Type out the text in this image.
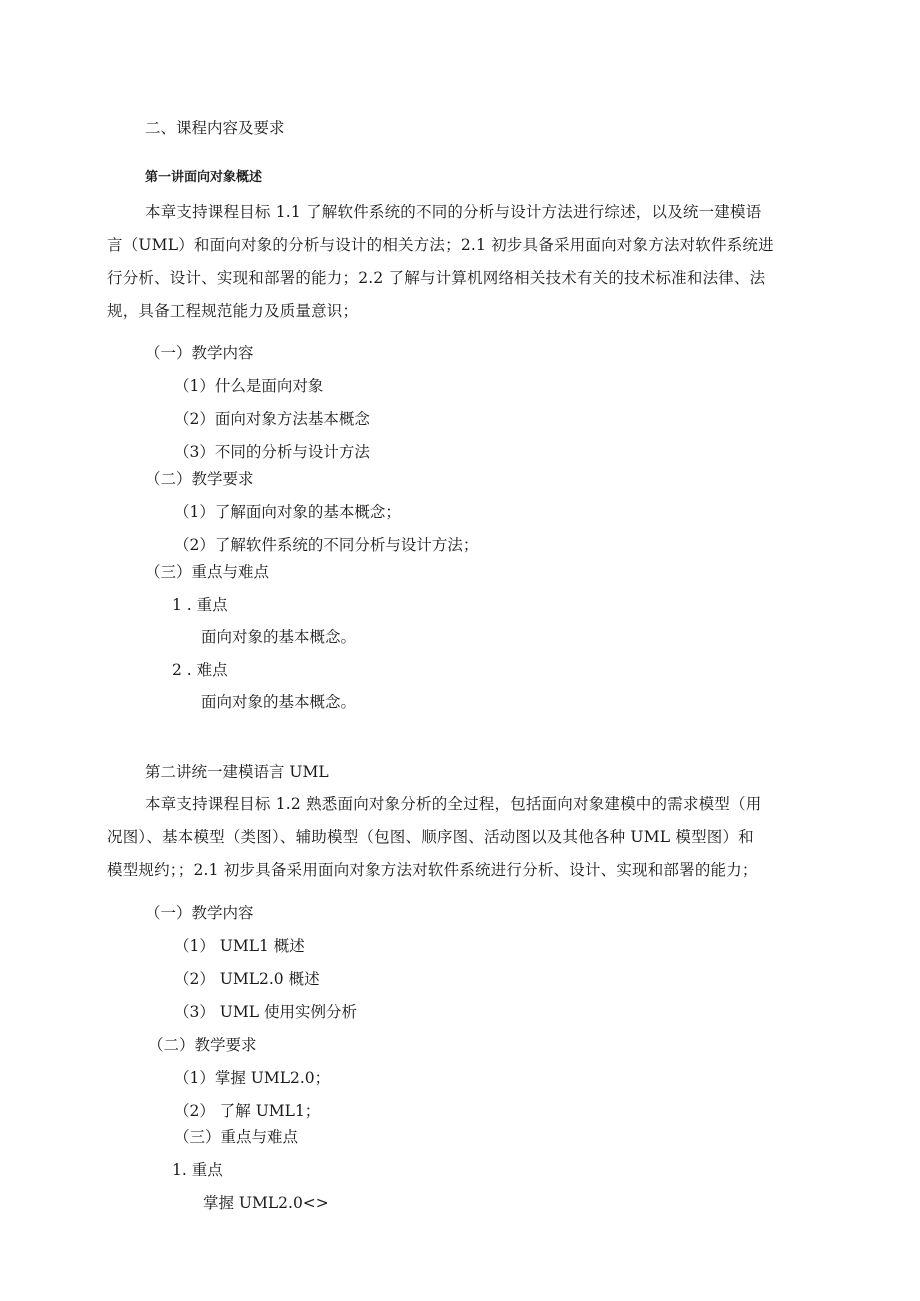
二、课程内容及要求
第一讲面向对象概述
本章支持课程目标 1.1 了解软件系统的不同的分析与设计方法进行综述，以及统一建模语
言（UML）和面向对象的分析与设计的相关方法；2.1 初步具备采用面向对象方法对软件系统进
行分析、设计、实现和部署的能力；2.2 了解与计算机网络相关技术有关的技术标准和法律、法
规，具备工程规范能力及质量意识；
（一）教学内容
（1）什么是面向对象
（2）面向对象方法基本概念
（3）不同的分析与设计方法
（二）教学要求
（1）了解面向对象的基本概念；
（2）了解软件系统的不同分析与设计方法；
（三）重点与难点
1 . 重点
面向对象的基本概念。
2 . 难点
面向对象的基本概念。
第二讲统一建模语言 UML
本章支持课程目标 1.2 熟悉面向对象分析的全过程，包括面向对象建模中的需求模型（用
况图）、基本模型（类图）、辅助模型（包图、顺序图、活动图以及其他各种 UML 模型图）和
模型规约；；2.1 初步具备采用面向对象方法对软件系统进行分析、设计、实现和部署的能力；
（一）教学内容
（1） UML1 概述
（2） UML2.0 概述
（3） UML 使用实例分析
（二）教学要求
（1）掌握 UML2.0；
（2） 了解 UML1；
（三）重点与难点
1. 重点
掌握 UML2.0<>
